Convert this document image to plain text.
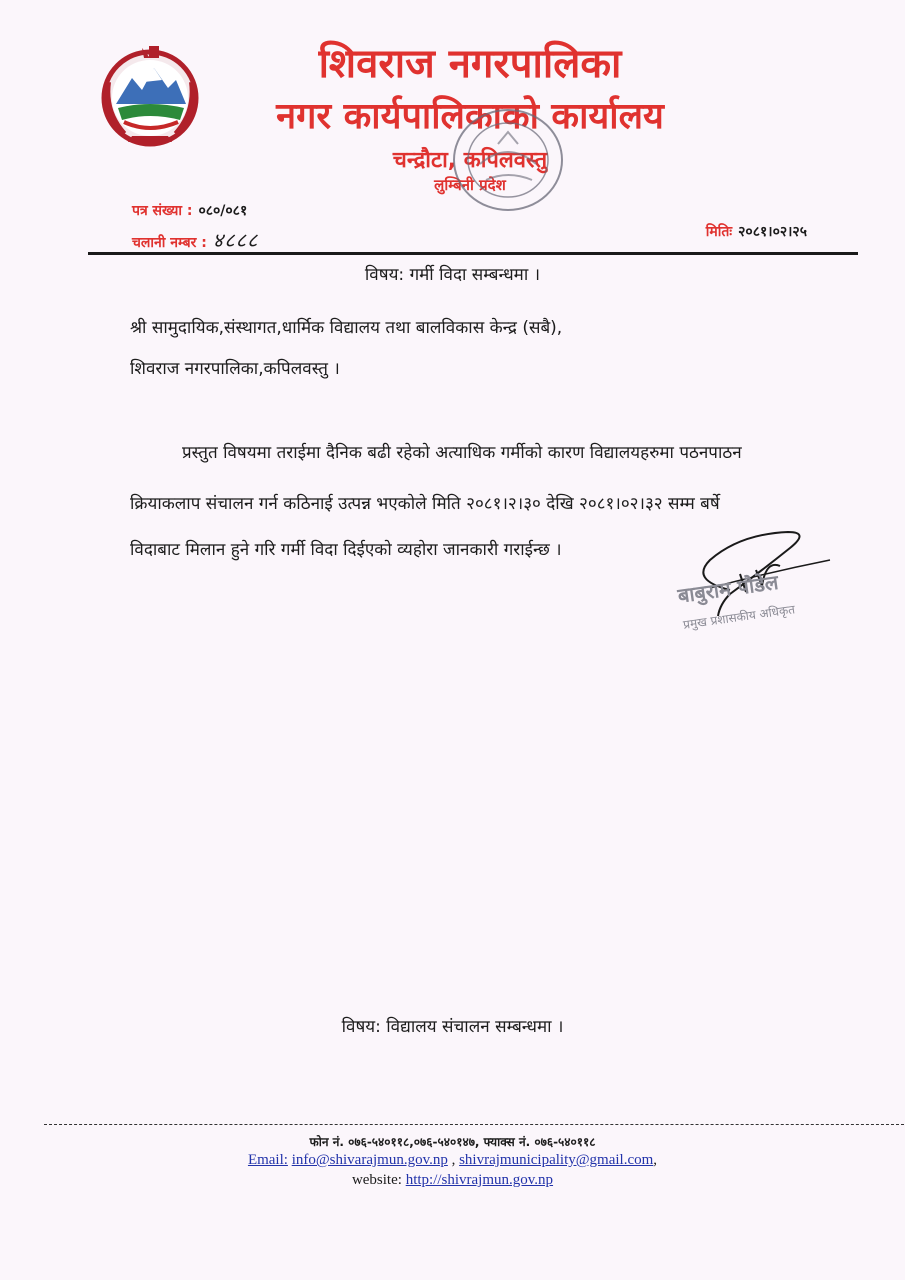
शिवराज नगरपालिका
नगर कार्यपालिकाको कार्यालय
चन्द्रौटा, कपिलवस्तु
लुम्बिनी प्रदेश
पत्र संख्या : ०८०/०८१
चलानी नम्बर : ४८८८	मितिः २०८१।०२।२५
विषय: गर्मी विदा सम्बन्धमा ।
श्री सामुदायिक,संस्थागत,धार्मिक विद्यालय तथा बालविकास केन्द्र (सबै),
शिवराज नगरपालिका,कपिलवस्तु ।
प्रस्तुत विषयमा तराईमा दैनिक बढी रहेको अत्याधिक गर्मीको कारण विद्यालयहरुमा पठनपाठन
क्रियाकलाप संचालन गर्न कठिनाई उत्पन्न भएकोले मिति २०८१।२।३० देखि २०८१।०२।३२ सम्म बर्षे
विदाबाट मिलान हुने गरि गर्मी विदा दिईएको व्यहोरा जानकारी गराईन्छ ।
बाबुराम पौडेल
प्रमुख प्रशासकीय अधिकृत
विषय: विद्यालय संचालन सम्बन्धमा ।
फोन नं. ०७६-५४०११८,०७६-५४०१४७, फ्याक्स नं. ०७६-५४०११८
Email: info@shivarajmun.gov.np , shivrajmunicipality@gmail.com,
website: http://shivrajmun.gov.np
